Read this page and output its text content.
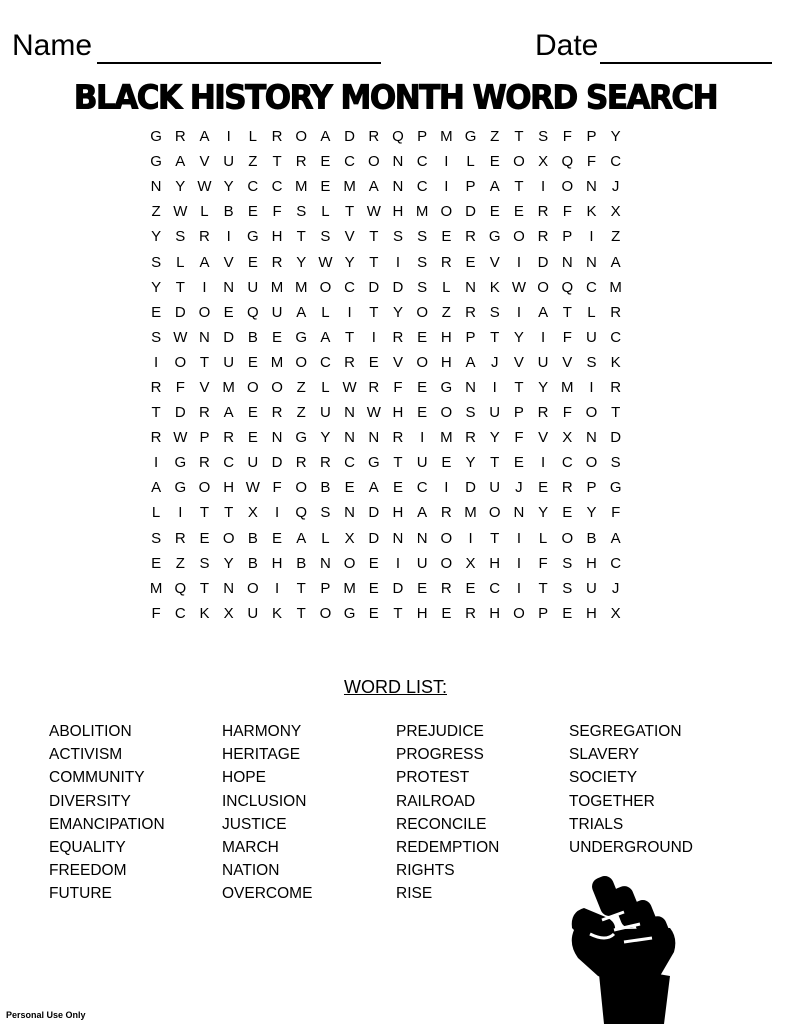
Name	Date
BLACK HISTORY MONTH WORD SEARCH
G R A	I	L R O A D R Q P M G Z	T S F P Y
G A V U Z	T R E C O N C	I	L	E O X Q F C
N Y W Y C C M E M A N C	I	P A T	I	O N	J
Z W L	B E F S	L	T W H M O D E E R F K X
Y S R	I	G H T S V T S S E R G O R P	I	Z
S	L	A V E R Y W Y T	I	S R E V	I	D N N A
Y T	I	N U M M O C D D S	L N K W O Q C M
E D O E Q U A	L	I	T Y O Z R S	I	A T	L R
S W N D B E G A T	I	R E H P T Y	I	F U C
I	O T U E M O C R E V O H A	J	V U V S K
R F V M O O Z	L W R F E G N	I	T Y M	I	R
T D R A E R Z U N W H E O S U P R F O T
R W P R E N G Y N N R	I	M R Y F V X N D
I	G R C U D R R C G T U E Y T E	I	C O S
A G O H W F O B E A E C	I	D U	J	E R P G
L	I	T	T X	I	Q S N D H A R M O N Y E Y F
S R E O B E A	L	X D N N O	I	T	I	L O B A
E Z S Y B H B N O E	I	U O X H	I	F S H C
M Q T N O	I	T P M E D E R E C	I	T S U	J
F C K X U K T O G E T H E R H O P E H X
WORD LIST:
ABOLITION
ACTIVISM
COMMUNITY
DIVERSITY
EMANCIPATION
EQUALITY
FREEDOM
FUTURE
HARMONY
HERITAGE
HOPE
INCLUSION
JUSTICE
MARCH
NATION
OVERCOME
PREJUDICE
PROGRESS
PROTEST
RAILROAD
RECONCILE
REDEMPTION
RIGHTS
RISE
SEGREGATION
SLAVERY
SOCIETY
TOGETHER
TRIALS
UNDERGROUND
Personal Use Only
